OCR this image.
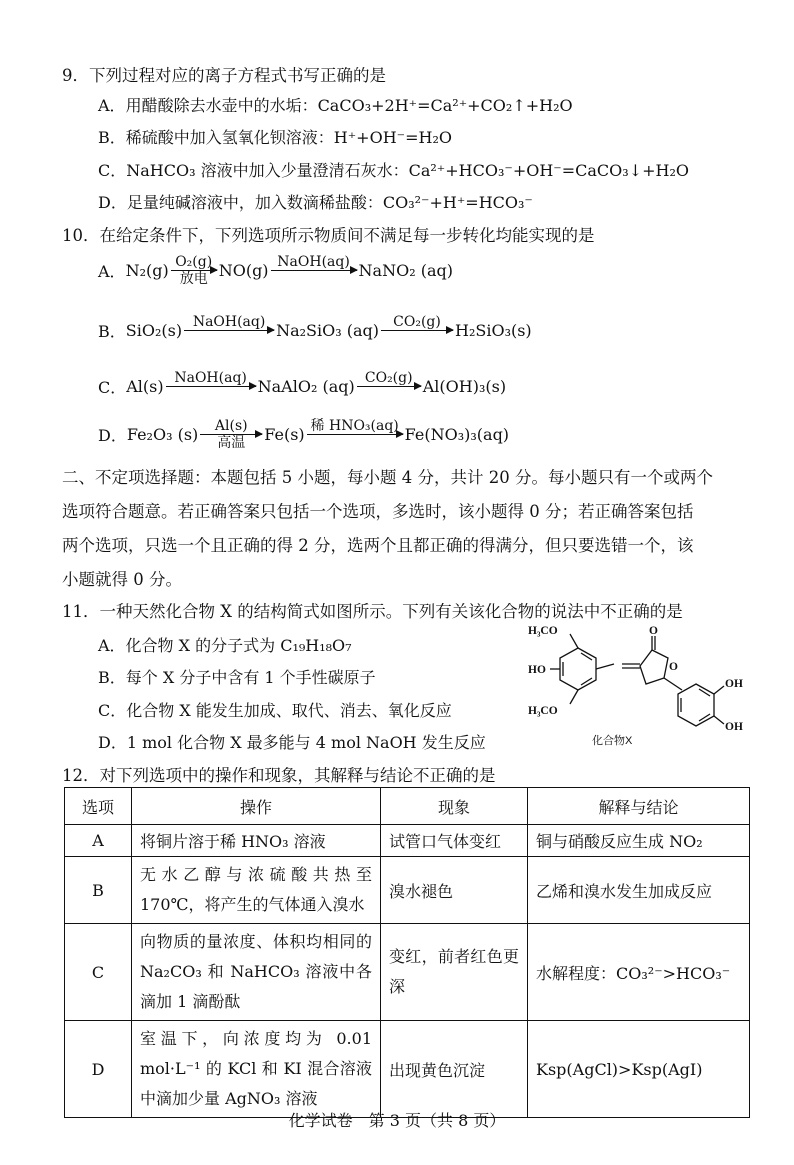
9．下列过程对应的离子方程式书写正确的是
A．用醋酸除去水壶中的水垢：CaCO₃+2H⁺=Ca²⁺+CO₂↑+H₂O
B．稀硫酸中加入氢氧化钡溶液：H⁺+OH⁻=H₂O
C．NaHCO₃ 溶液中加入少量澄清石灰水：Ca²⁺+HCO₃⁻+OH⁻=CaCO₃↓+H₂O
D．足量纯碱溶液中，加入数滴稀盐酸：CO₃²⁻+H⁺=HCO₃⁻
10．在给定条件下，下列选项所示物质间不满足每一步转化均能实现的是
A． N₂(g) O₂(g)
放电 NO(g) NaOH(aq) NaNO₂ (aq)
B． SiO₂(s) NaOH(aq) Na₂SiO₃ (aq)	CO₂(g) H₂SiO₃(s)
C． Al(s) NaOH(aq) NaAlO₂ (aq) CO₂(g) Al(OH)₃(s)
D． Fe₂O₃ (s)	Al(s)
高温	Fe(s) 稀 HNO₃(aq) Fe(NO₃)₃(aq)
二、不定项选择题：本题包括 5 小题，每小题 4 分，共计 20 分。每小题只有一个或两个
选项符合题意。若正确答案只包括一个选项，多选时，该小题得 0 分；若正确答案包括
两个选项，只选一个且正确的得 2 分，选两个且都正确的得满分，但只要选错一个，该
小题就得 0 分。
11．一种天然化合物 X 的结构简式如图所示。下列有关该化合物的说法中不正确的是
A．化合物 X 的分子式为 C₁₉H₁₈O₇
B．每个 X 分子中含有 1 个手性碳原子
C．化合物 X 能发生加成、取代、消去、氧化反应
D．1 mol 化合物 X 最多能与 4 mol NaOH 发生反应
H₃CO
HO
H₃CO
O
O
OH
OH
化合物X
12．对下列选项中的操作和现象，其解释与结论不正确的是
选项	操作	现象	解释与结论
A	将铜片溶于稀 HNO₃ 溶液	试管口气体变红	铜与硝酸反应生成 NO₂
B	无水乙醇与浓硫酸共热至 170℃，将产生的气体通入溴水	溴水褪色	乙烯和溴水发生加成反应
C	向物质的量浓度、体积均相同的 Na₂CO₃ 和 NaHCO₃ 溶液中各滴加 1 滴酚酞	变红，前者红色更深	水解程度：CO₃²⁻>HCO₃⁻
D	室温下，向浓度均为 0.01 mol·L⁻¹ 的 KCl 和 KI 混合溶液中滴加少量 AgNO₃ 溶液	出现黄色沉淀	Ksp(AgCl)>Ksp(AgI)
化学试卷　第 3 页（共 8 页）
